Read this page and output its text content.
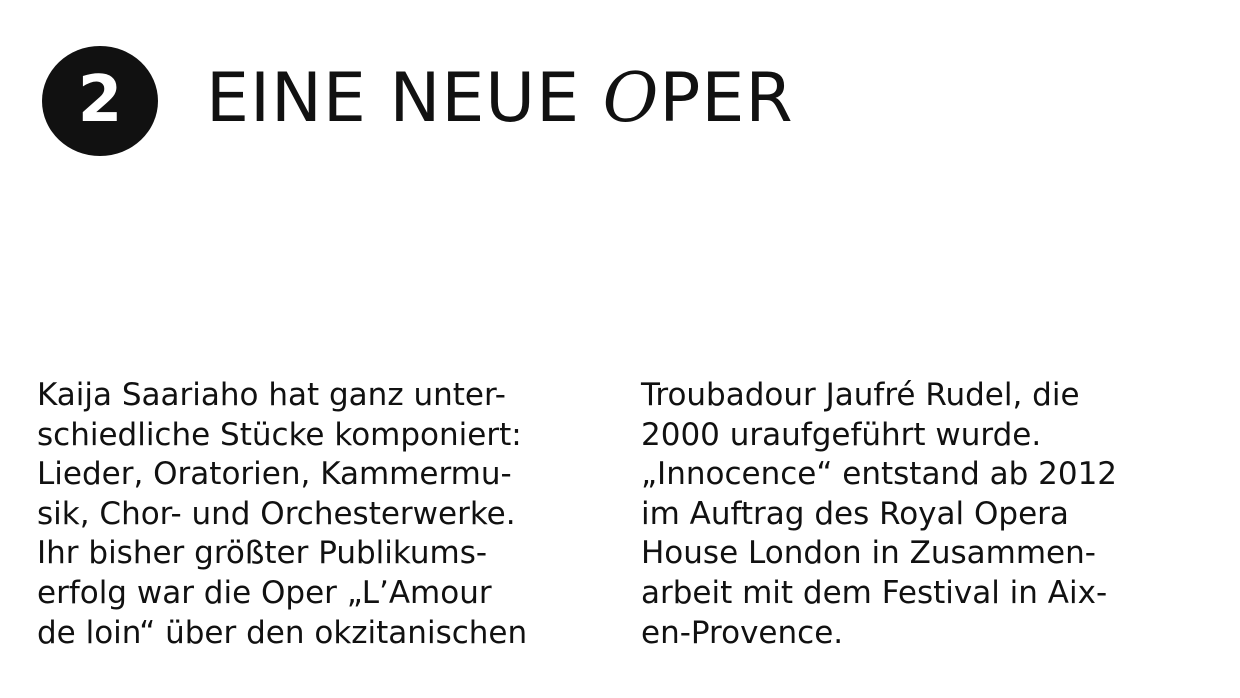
2 EINE NEUE OPER
Kaija Saariaho hat ganz unter-
schiedliche Stücke komponiert:
Lieder, Oratorien, Kammermu-
sik, Chor- und Orchesterwerke.
Ihr bisher größter Publikums-
erfolg war die Oper „L’Amour
de loin“ über den okzitanischen
Troubadour Jaufré Rudel, die
2000 uraufgeführt wurde.
„Innocence“ entstand ab 2012
im Auftrag des Royal Opera
House London in Zusammen-
arbeit mit dem Festival in Aix-
en-Provence.
